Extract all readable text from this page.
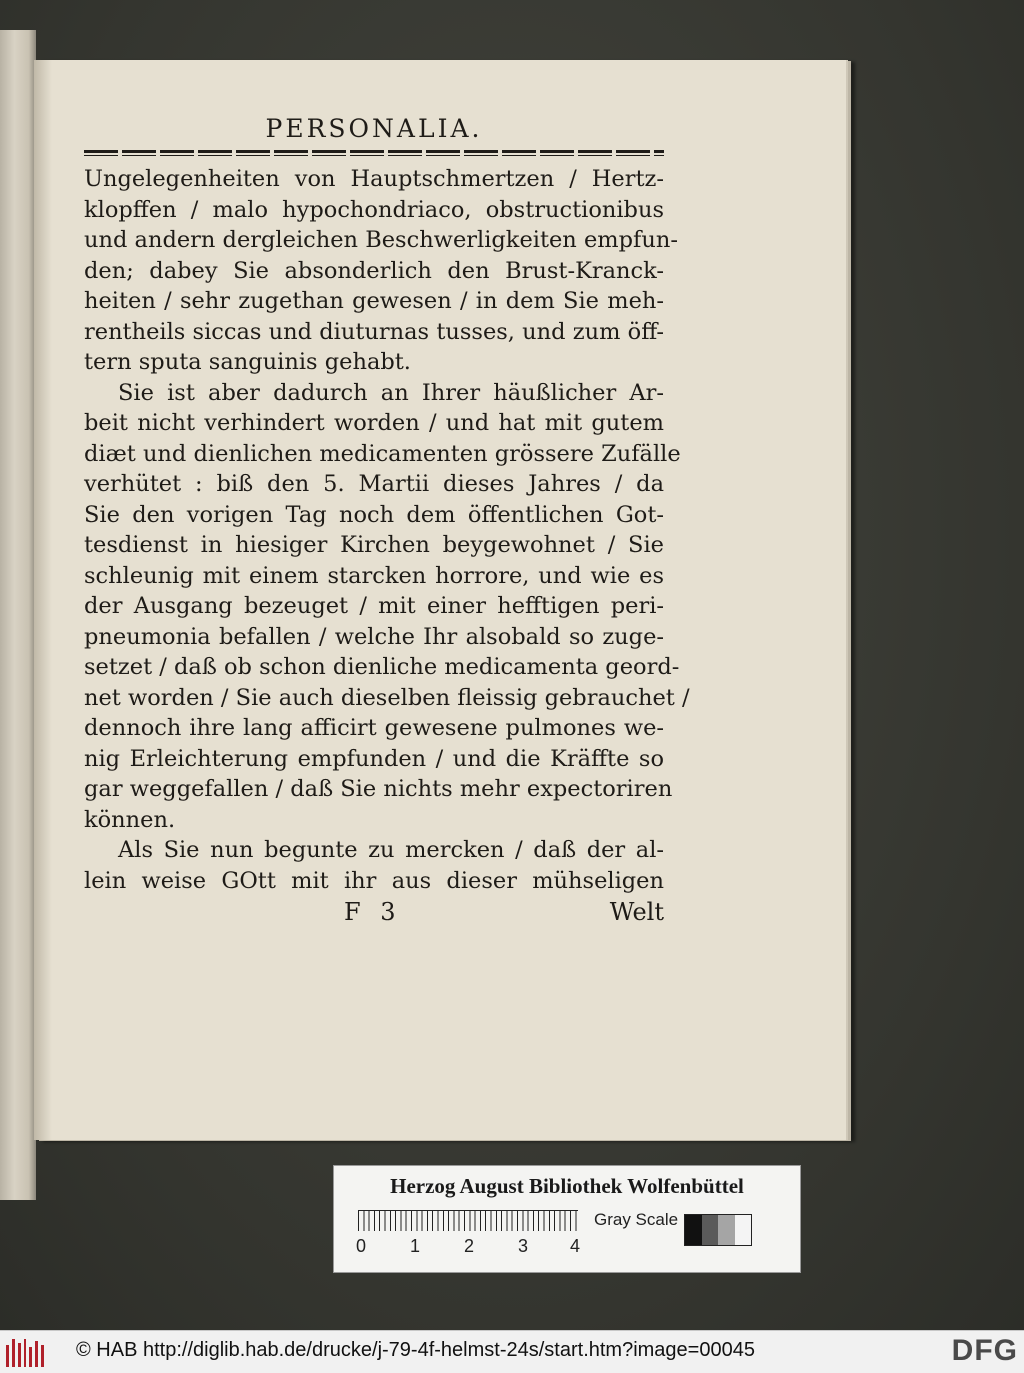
PERSONALIA.
Ungelegenheiten von Hauptschmertzen / Hertz-
klopffen / malo hypochondriaco, obstructionibus
und andern dergleichen Beschwerligkeiten empfun-
den; dabey Sie absonderlich den Brust-Kranck-
heiten / sehr zugethan gewesen / in dem Sie meh-
rentheils siccas und diuturnas tusses, und zum öff-
tern sputa sanguinis gehabt.
Sie ist aber dadurch an Ihrer häußlicher Ar-
beit nicht verhindert worden / und hat mit gutem
diæt und dienlichen medicamenten grössere Zufälle
verhütet : biß den 5. Martii dieses Jahres / da
Sie den vorigen Tag noch dem öffentlichen Got-
tesdienst in hiesiger Kirchen beygewohnet / Sie
schleunig mit einem starcken horrore, und wie es
der Ausgang bezeuget / mit einer hefftigen peri-
pneumonia befallen / welche Ihr alsobald so zuge-
setzet / daß ob schon dienliche medicamenta geord-
net worden / Sie auch dieselben fleissig gebrauchet /
dennoch ihre lang afficirt gewesene pulmones we-
nig Erleichterung empfunden / und die Kräffte so
gar weggefallen / daß Sie nichts mehr expectoriren
können.
Als Sie nun begunte zu mercken / daß der al-
lein weise GOtt mit ihr aus dieser mühseligen
F 3	Welt
Herzog August Bibliothek Wolfenbüttel
0 1 2 3 4
Gray Scale
© HAB http://diglib.hab.de/drucke/j-79-4f-helmst-24s/start.htm?image=00045	DFG
